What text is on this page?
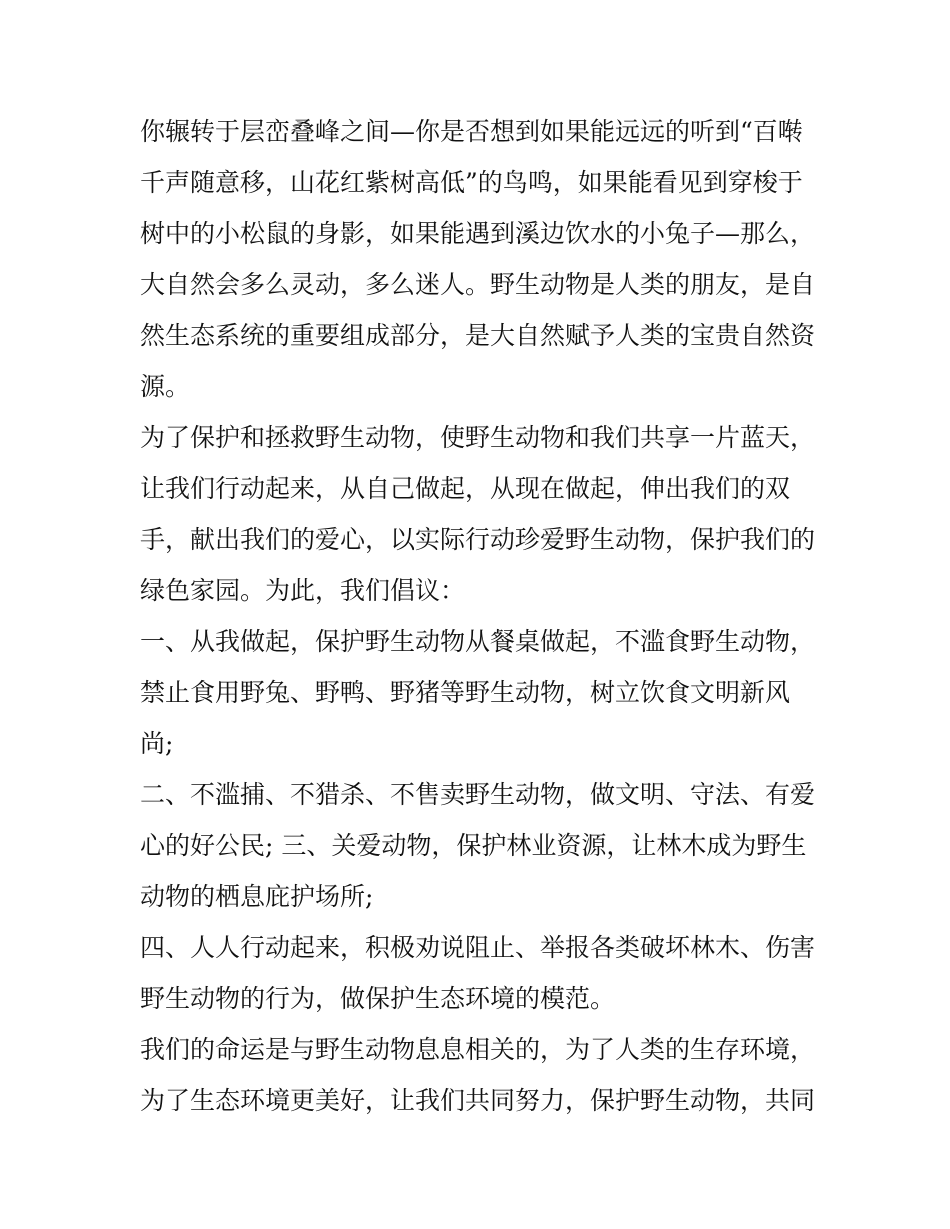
你辗转于层峦叠峰之间—你是否想到如果能远远的听到“百啭
千声随意移，山花红紫树高低”的鸟鸣，如果能看见到穿梭于
树中的小松鼠的身影，如果能遇到溪边饮水的小兔子—那么，
大自然会多么灵动，多么迷人。野生动物是人类的朋友，是自
然生态系统的重要组成部分，是大自然赋予人类的宝贵自然资
源。

为了保护和拯救野生动物，使野生动物和我们共享一片蓝天，
让我们行动起来，从自己做起，从现在做起，伸出我们的双
手，献出我们的爱心，以实际行动珍爱野生动物，保护我们的
绿色家园。为此，我们倡议：

一、从我做起，保护野生动物从餐桌做起，不滥食野生动物，
禁止食用野兔、野鸭、野猪等野生动物，树立饮食文明新风
尚;

二、不滥捕、不猎杀、不售卖野生动物，做文明、守法、有爱
心的好公民; 三、关爱动物，保护林业资源，让林木成为野生
动物的栖息庇护场所;

四、人人行动起来，积极劝说阻止、举报各类破坏林木、伤害
野生动物的行为，做保护生态环境的模范。

我们的命运是与野生动物息息相关的，为了人类的生存环境，
为了生态环境更美好，让我们共同努力，保护野生动物，共同
